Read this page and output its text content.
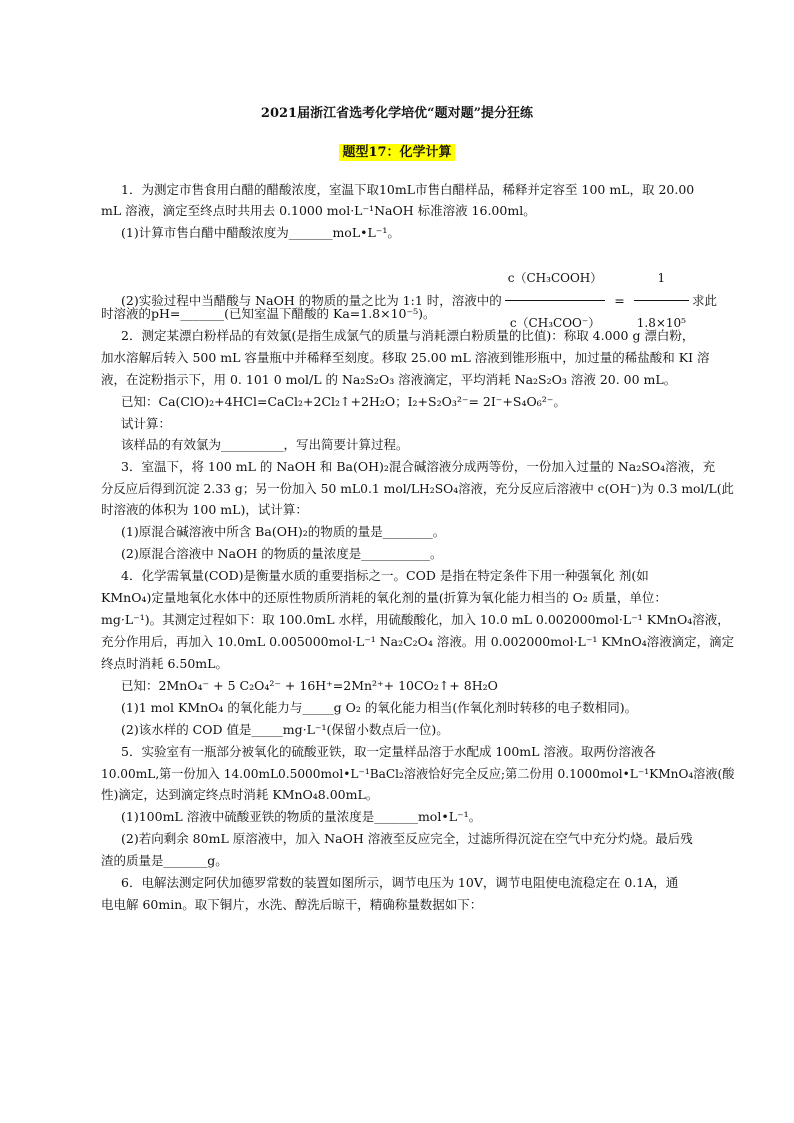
2021届浙江省选考化学培优“题对题”提分狂练
题型17：化学计算
1．为测定市售食用白醋的醋酸浓度，室温下取10mL市售白醋样品，稀释并定容至 100 mL，取 20.00
mL 溶液，滴定至终点时共用去 0.1000 mol·L⁻¹NaOH 标准溶液 16.00ml。
(1)计算市售白醋中醋酸浓度为_______moL•L⁻¹。
(2)实验过程中当醋酸与 NaOH 的物质的量之比为 1:1 时，溶液中的 $\frac{\text{c（CH₃COOH）}}{\text{c（CH₃COO⁻）}} = \frac{1}{\text{1.8×10⁵}}$ 求此
时溶液的pH=_______(已知室温下醋酸的 Ka=1.8×10⁻⁵)。
2．测定某漂白粉样品的有效氯(是指生成氯气的质量与消耗漂白粉质量的比值)：称取 4.000 g 漂白粉，
加水溶解后转入 500 mL 容量瓶中并稀释至刻度。移取 25.00 mL 溶液到锥形瓶中，加过量的稀盐酸和 KI 溶
液，在淀粉指示下，用 0. 101 0 mol/L 的 Na₂S₂O₃ 溶液滴定，平均消耗 Na₂S₂O₃ 溶液 20. 00 mL。
已知：Ca(ClO)₂+4HCl=CaCl₂+2Cl₂↑+2H₂O；I₂+S₂O₃²⁻= 2I⁻+S₄O₆²⁻。
试计算：
该样品的有效氯为__________，写出简要计算过程。
3．室温下，将 100 mL 的 NaOH 和 Ba(OH)₂混合碱溶液分成两等份，一份加入过量的 Na₂SO₄溶液，充
分反应后得到沉淀 2.33 g；另一份加入 50 mL0.1 mol/LH₂SO₄溶液，充分反应后溶液中 c(OH⁻)为 0.3 mol/L(此
时溶液的体积为 100 mL)，试计算：
(1)原混合碱溶液中所含 Ba(OH)₂的物质的量是________。
(2)原混合溶液中 NaOH 的物质的量浓度是___________。
4．化学需氧量(COD)是衡量水质的重要指标之一。COD 是指在特定条件下用一种强氧化 剂(如
KMnO₄)定量地氧化水体中的还原性物质所消耗的氧化剂的量(折算为氧化能力相当的 O₂ 质量，单位：
mg·L⁻¹)。其测定过程如下：取 100.0mL 水样，用硫酸酸化，加入 10.0 mL 0.002000mol·L⁻¹ KMnO₄溶液，
充分作用后，再加入 10.0mL 0.005000mol·L⁻¹ Na₂C₂O₄ 溶液。用 0.002000mol·L⁻¹ KMnO₄溶液滴定，滴定
终点时消耗 6.50mL。
已知：2MnO₄⁻ + 5 C₂O₄²⁻ + 16H⁺=2Mn²⁺+ 10CO₂↑+ 8H₂O
(1)1 mol KMnO₄ 的氧化能力与_____g O₂ 的氧化能力相当(作氧化剂时转移的电子数相同)。
(2)该水样的 COD 值是_____mg·L⁻¹(保留小数点后一位)。
5．实验室有一瓶部分被氧化的硫酸亚铁，取一定量样品溶于水配成 100mL 溶液。取两份溶液各
10.00mL,第一份加入 14.00mL0.5000mol•L⁻¹BaCl₂溶液恰好完全反应;第二份用 0.1000mol•L⁻¹KMnO₄溶液(酸
性)滴定，达到滴定终点时消耗 KMnO₄8.00mL。
(1)100mL 溶液中硫酸亚铁的物质的量浓度是_______mol•L⁻¹。
(2)若向剩余 80mL 原溶液中，加入 NaOH 溶液至反应完全，过滤所得沉淀在空气中充分灼烧。最后残
渣的质量是_______g。
6．电解法测定阿伏加德罗常数的装置如图所示，调节电压为 10V，调节电阻使电流稳定在 0.1A，通
电电解 60min。取下铜片，水洗、醇洗后晾干，精确称量数据如下：
